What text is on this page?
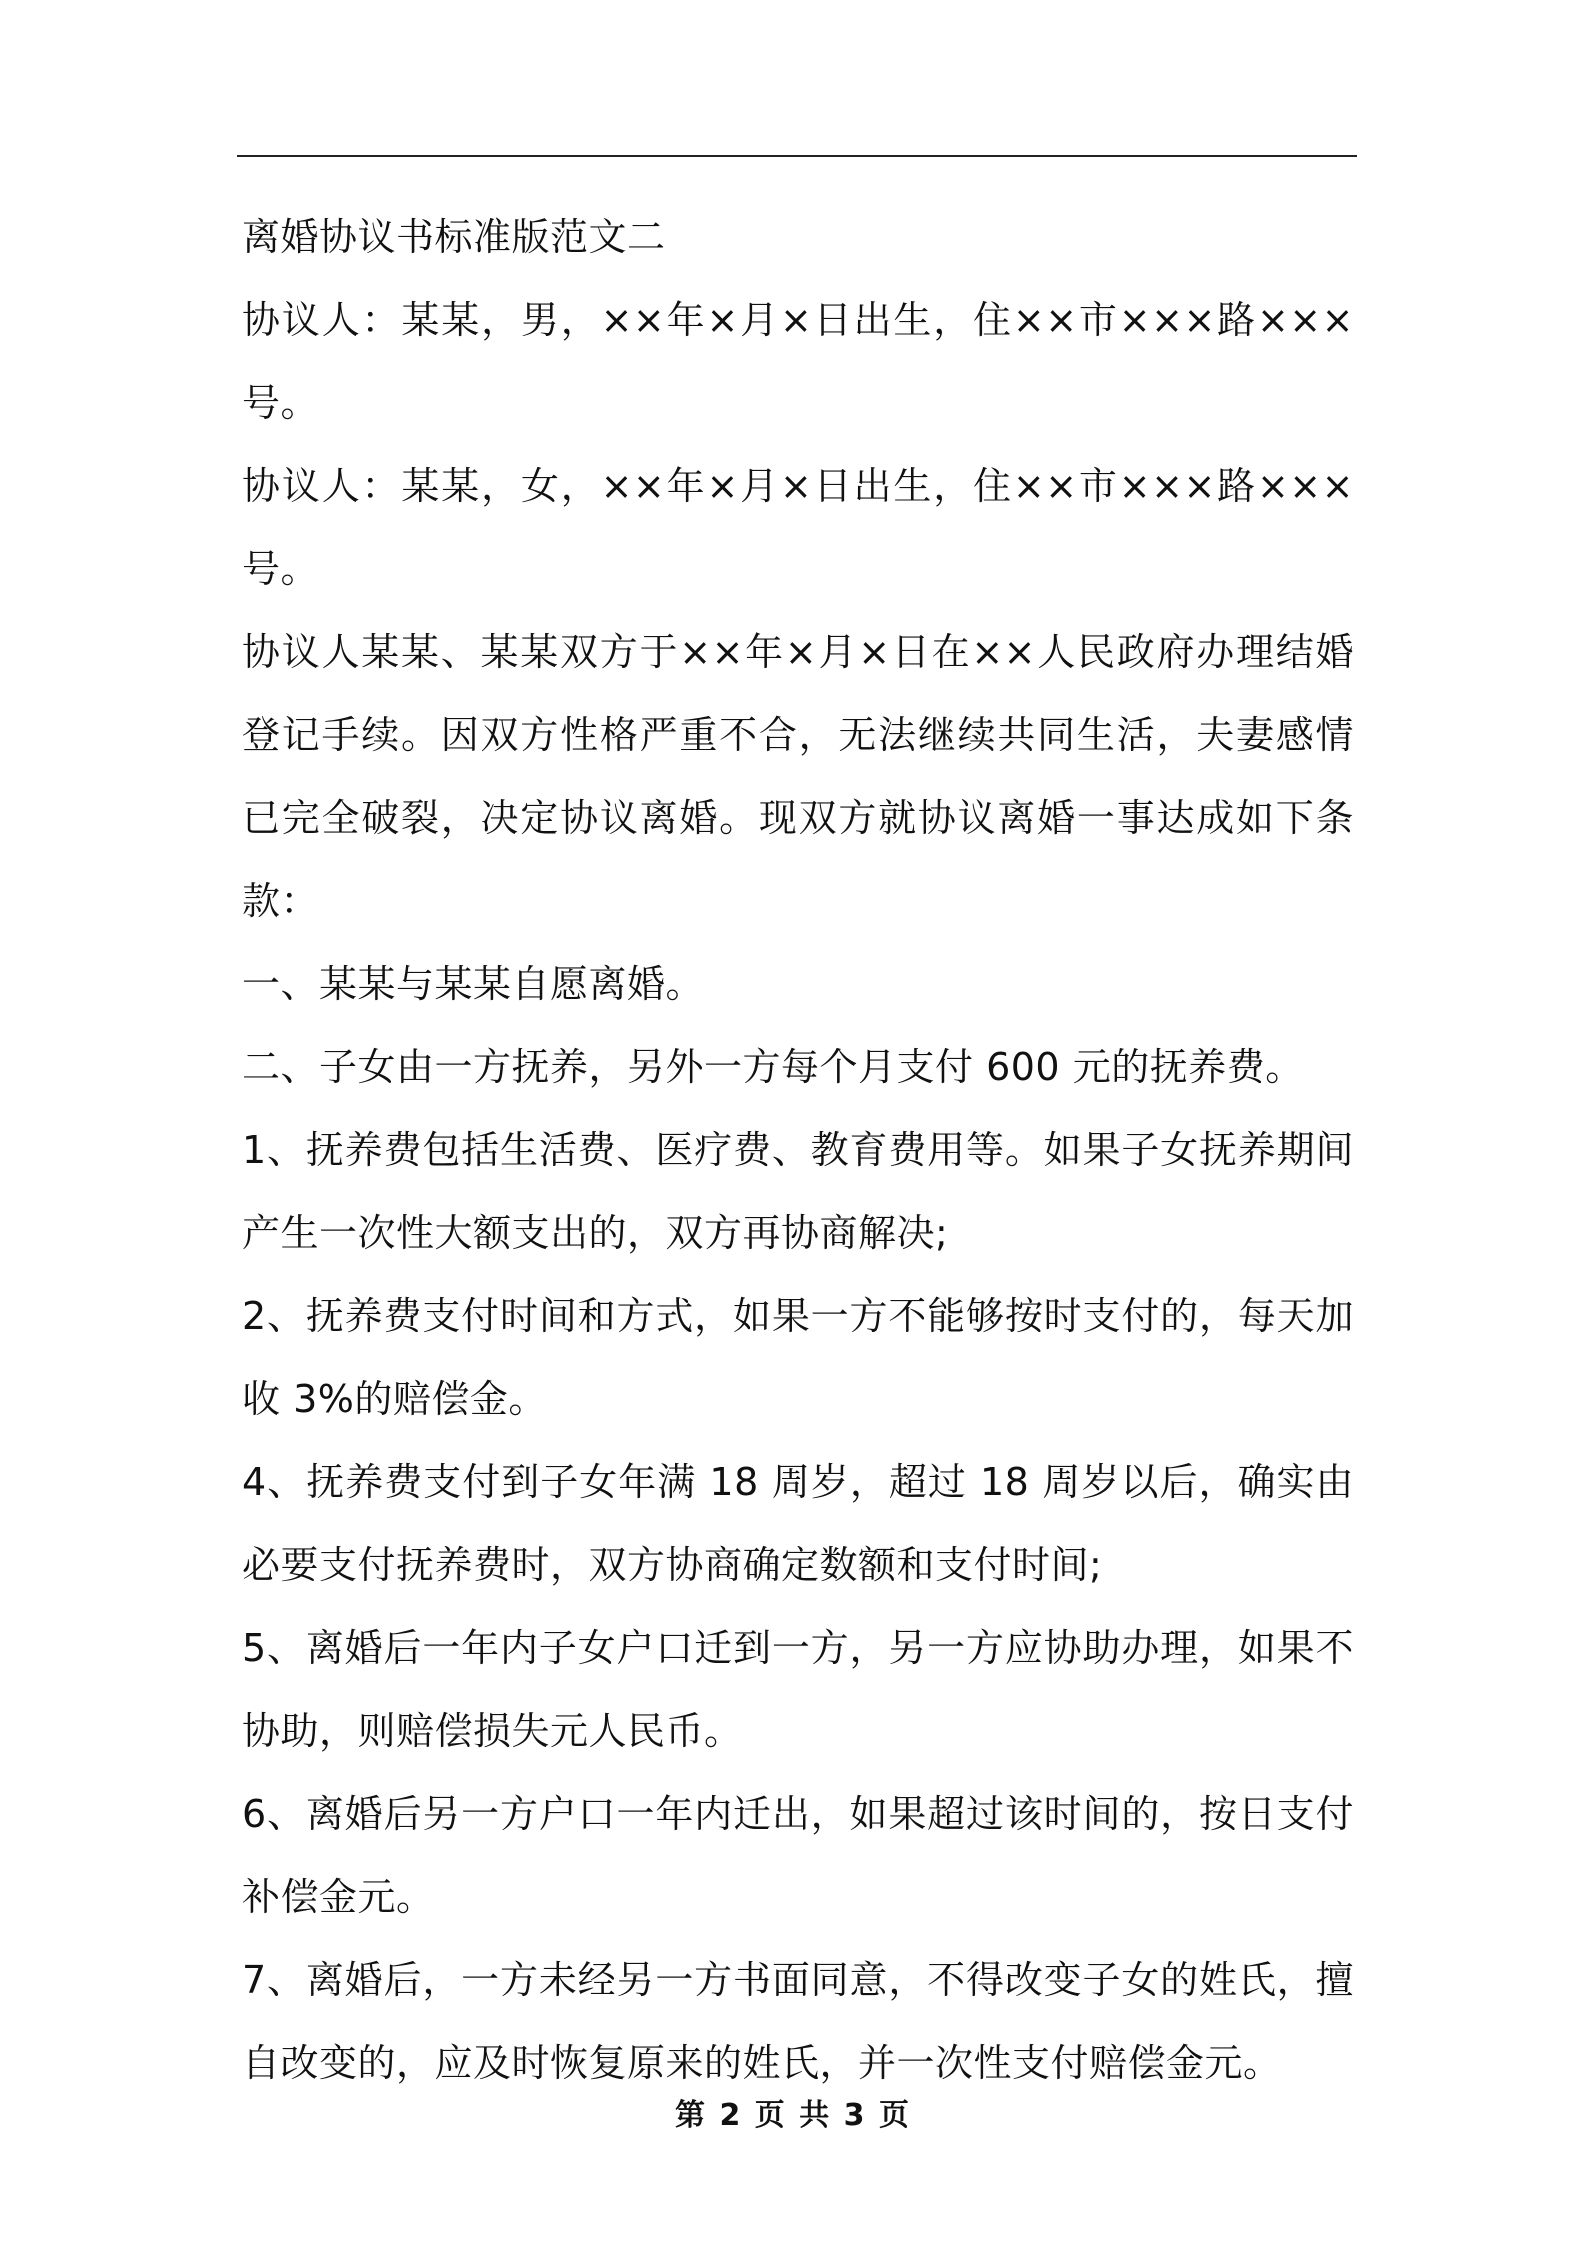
离婚协议书标准版范文二

协议人：某某，男，××年×月×日出生，住××市×××路×××号。

协议人：某某，女，××年×月×日出生，住××市×××路×××号。

协议人某某、某某双方于××年×月×日在××人民政府办理结婚登记手续。因双方性格严重不合，无法继续共同生活，夫妻感情已完全破裂，决定协议离婚。现双方就协议离婚一事达成如下条款：

一、某某与某某自愿离婚。

二、子女由一方抚养，另外一方每个月支付 600 元的抚养费。

1、抚养费包括生活费、医疗费、教育费用等。如果子女抚养期间产生一次性大额支出的，双方再协商解决;

2、抚养费支付时间和方式，如果一方不能够按时支付的，每天加收 3%的赔偿金。

4、抚养费支付到子女年满 18 周岁，超过 18 周岁以后，确实由必要支付抚养费时，双方协商确定数额和支付时间;

5、离婚后一年内子女户口迁到一方，另一方应协助办理，如果不协助，则赔偿损失元人民币。

6、离婚后另一方户口一年内迁出，如果超过该时间的，按日支付补偿金元。

7、离婚后，一方未经另一方书面同意，不得改变子女的姓氏，擅自改变的，应及时恢复原来的姓氏，并一次性支付赔偿金元。

第 2 页 共 3 页
